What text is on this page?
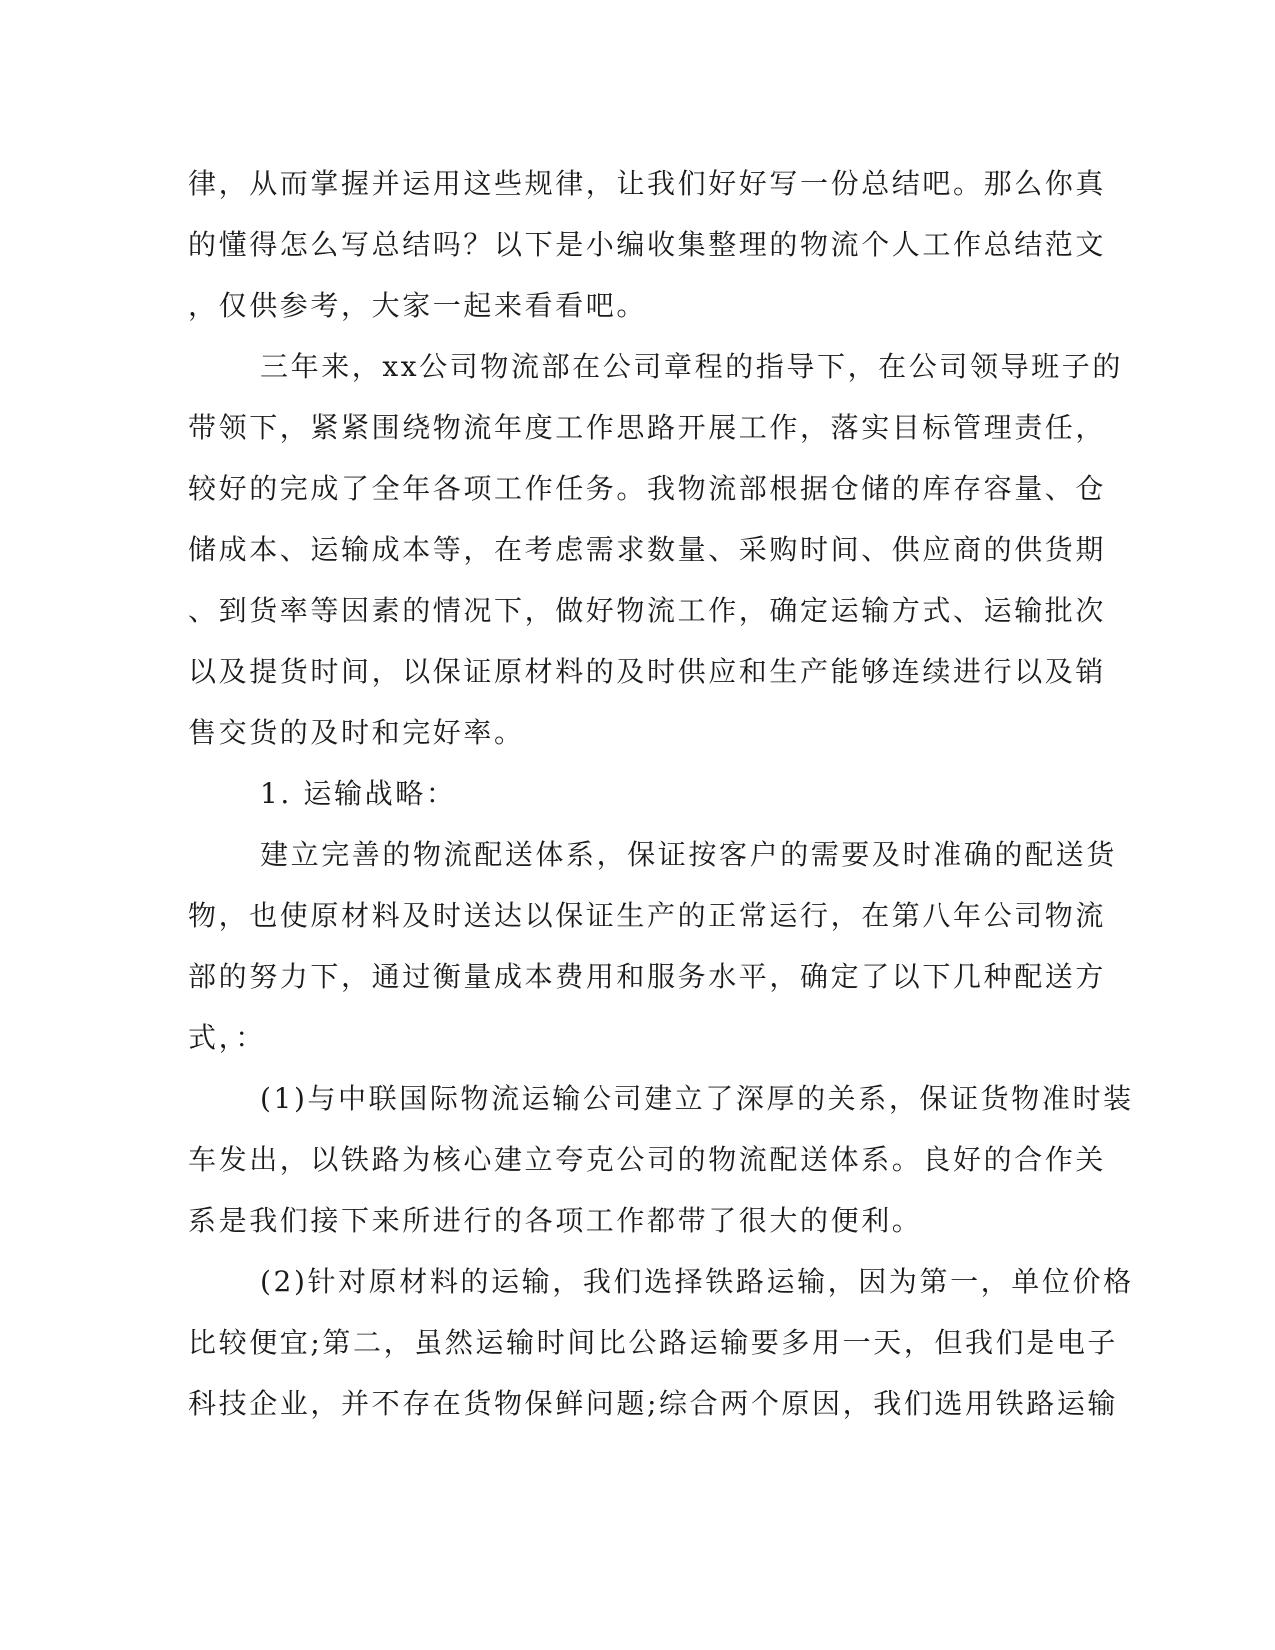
律，从而掌握并运用这些规律，让我们好好写一份总结吧。那么你真
的懂得怎么写总结吗？以下是小编收集整理的物流个人工作总结范文
，仅供参考，大家一起来看看吧。
三年来，xx公司物流部在公司章程的指导下，在公司领导班子的
带领下，紧紧围绕物流年度工作思路开展工作，落实目标管理责任，
较好的完成了全年各项工作任务。我物流部根据仓储的库存容量、仓
储成本、运输成本等，在考虑需求数量、采购时间、供应商的供货期
、到货率等因素的情况下，做好物流工作，确定运输方式、运输批次
以及提货时间，以保证原材料的及时供应和生产能够连续进行以及销
售交货的及时和完好率。
1. 运输战略：
建立完善的物流配送体系，保证按客户的需要及时准确的配送货
物，也使原材料及时送达以保证生产的正常运行，在第八年公司物流
部的努力下，通过衡量成本费用和服务水平，确定了以下几种配送方
式，：
(1)与中联国际物流运输公司建立了深厚的关系，保证货物准时装
车发出，以铁路为核心建立夸克公司的物流配送体系。良好的合作关
系是我们接下来所进行的各项工作都带了很大的便利。
(2)针对原材料的运输，我们选择铁路运输，因为第一，单位价格
比较便宜;第二，虽然运输时间比公路运输要多用一天，但我们是电子
科技企业，并不存在货物保鲜问题;综合两个原因，我们选用铁路运输
